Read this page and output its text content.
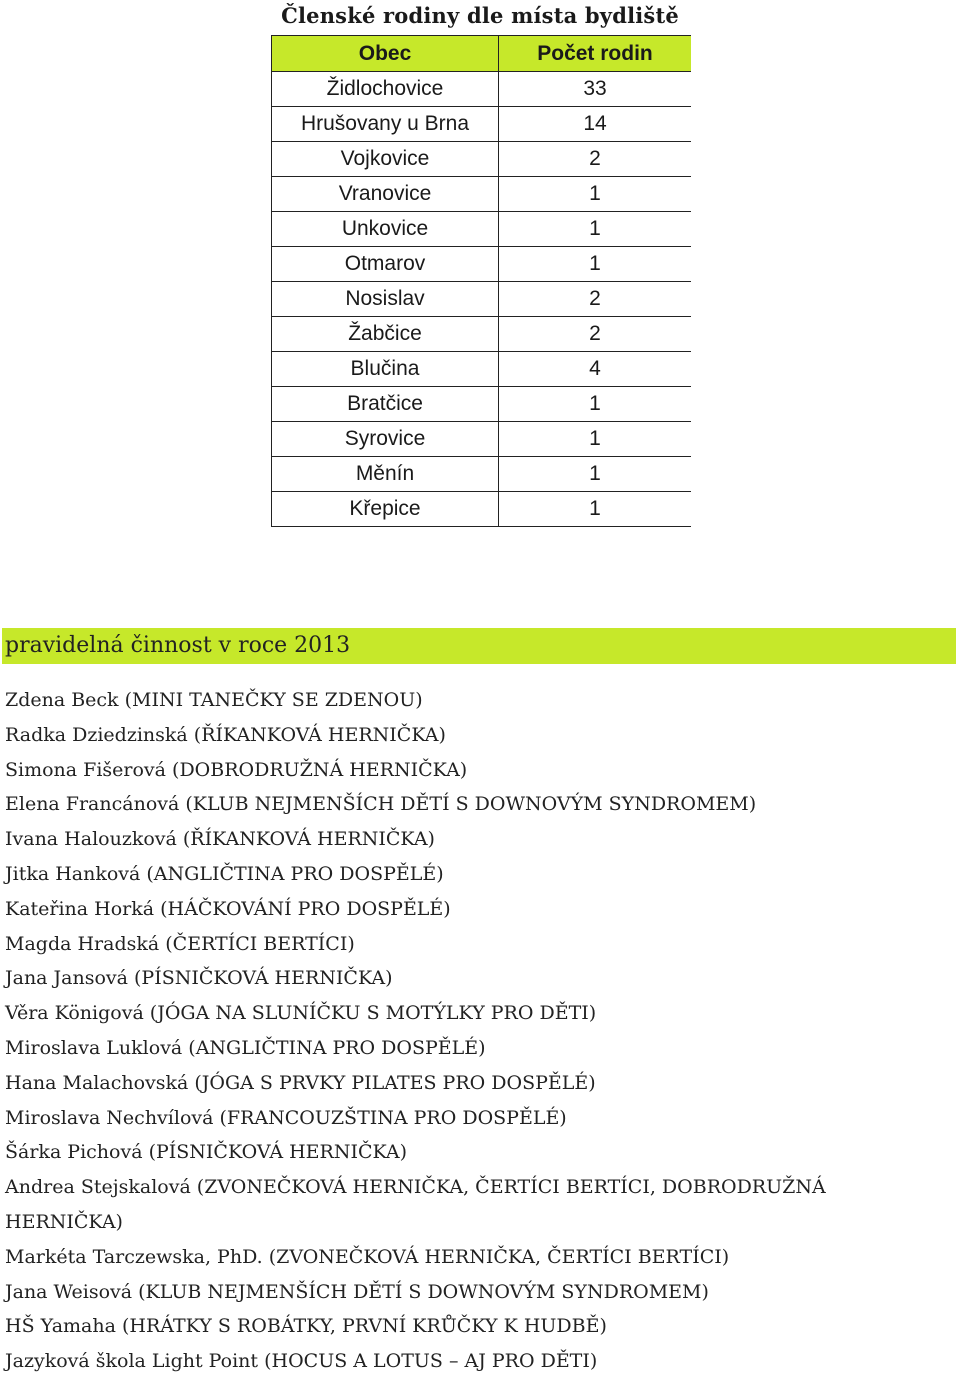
Členské rodiny dle místa bydliště
Obec	Počet rodin
Židlochovice	33
Hrušovany u Brna	14
Vojkovice	2
Vranovice	1
Unkovice	1
Otmarov	1
Nosislav	2
Žabčice	2
Blučina	4
Bratčice	1
Syrovice	1
Měnín	1
Křepice	1
pravidelná činnost v roce 2013
Zdena Beck (MINI TANEČKY SE ZDENOU)
Radka Dziedzinská (ŘÍKANKOVÁ HERNIČKA)
Simona Fišerová (DOBRODRUŽNÁ HERNIČKA)
Elena Francánová (KLUB NEJMENŠÍCH DĚTÍ S DOWNOVÝM SYNDROMEM)
Ivana Halouzková (ŘÍKANKOVÁ HERNIČKA)
Jitka Hanková (ANGLIČTINA PRO DOSPĚLÉ)
Kateřina Horká (HÁČKOVÁNÍ PRO DOSPĚLÉ)
Magda Hradská (ČERTÍCI BERTÍCI)
Jana Jansová (PÍSNIČKOVÁ HERNIČKA)
Věra Königová (JÓGA NA SLUNÍČKU S MOTÝLKY PRO DĚTI)
Miroslava Luklová (ANGLIČTINA PRO DOSPĚLÉ)
Hana Malachovská (JÓGA S PRVKY PILATES PRO DOSPĚLÉ)
Miroslava Nechvílová (FRANCOUZŠTINA PRO DOSPĚLÉ)
Šárka Pichová (PÍSNIČKOVÁ HERNIČKA)
Andrea Stejskalová (ZVONEČKOVÁ HERNIČKA, ČERTÍCI BERTÍCI, DOBRODRUŽNÁ HERNIČKA)
Markéta Tarczewska, PhD. (ZVONEČKOVÁ HERNIČKA, ČERTÍCI BERTÍCI)
Jana Weisová (KLUB NEJMENŠÍCH DĚTÍ S DOWNOVÝM SYNDROMEM)
HŠ Yamaha (HRÁTKY S ROBÁTKY, PRVNÍ KRŮČKY K HUDBĚ)
Jazyková škola Light Point (HOCUS A LOTUS – AJ PRO DĚTI)
